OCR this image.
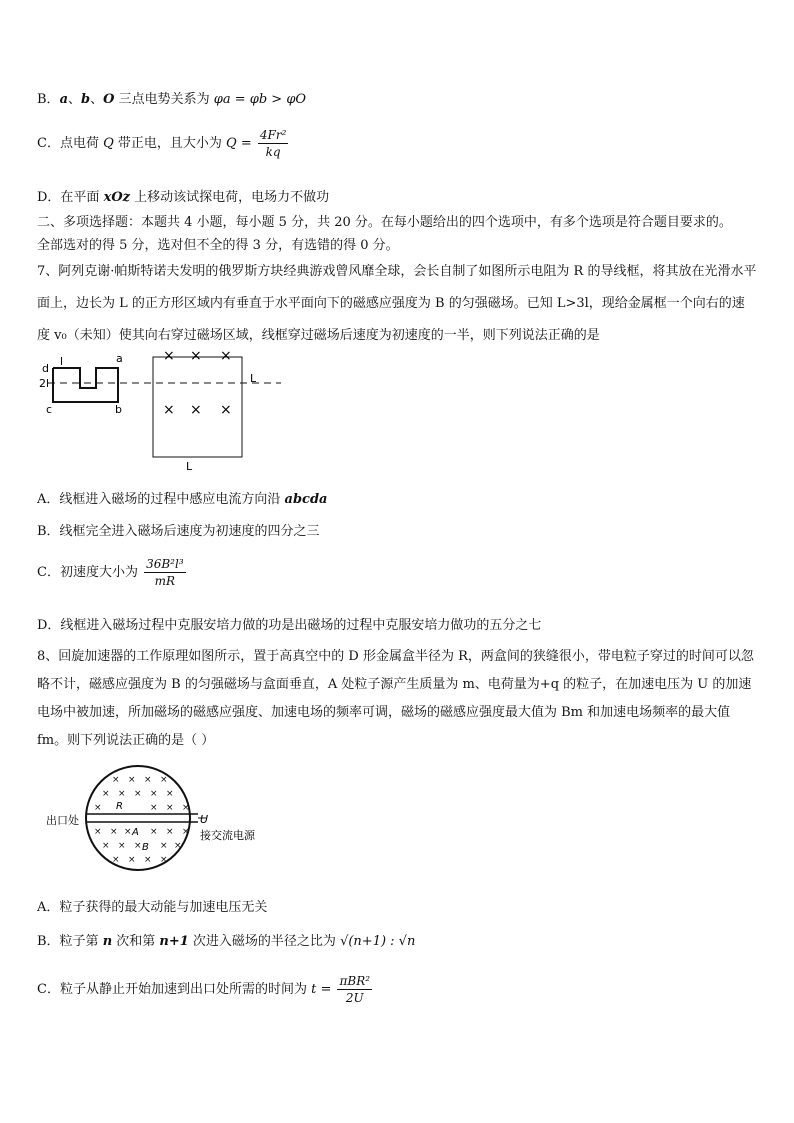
B．a、b、O 三点电势关系为 φa = φb > φO
C．点电荷 Q 带正电，且大小为 $Q = \frac{\text{4Fr²}}{kq}$
D．在平面 xOz 上移动该试探电荷，电场力不做功
二、多项选择题：本题共 4 小题，每小题 5 分，共 20 分。在每小题给出的四个选项中，有多个选项是符合题目要求的。
全部选对的得 5 分，选对但不全的得 3 分，有选错的得 0 分。
7、阿列克谢·帕斯特诺夫发明的俄罗斯方块经典游戏曾风靡全球，会长自制了如图所示电阻为 R 的导线框，将其放在光滑水平面上，边长为 L 的正方形区域内有垂直于水平面向下的磁感应强度为 B 的匀强磁场。已知 L>3l，现给金属框一个向右的速度 v₀（未知）使其向右穿过磁场区域，线框穿过磁场后速度为初速度的一半，则下列说法正确的是
d
l	a
2l
c	b
L
L
× × ×
× × ×
A．线框进入磁场的过程中感应电流方向沿 abcda
B．线框完全进入磁场后速度为初速度的四分之三
C．初速度大小为 $\frac{\text{36B²l³}}{mR}$
D．线框进入磁场过程中克服安培力做的功是出磁场的过程中克服安培力做功的五分之七
8、回旋加速器的工作原理如图所示，置于高真空中的 D 形金属盒半径为 R，两盒间的狭缝很小，带电粒子穿过的时间可以忽略不计，磁感应强度为 B 的匀强磁场与盒面垂直，A 处粒子源产生质量为 m、电荷量为+q 的粒子，在加速电压为 U 的加速电场中被加速，所加磁场的磁感应强度、加速电场的频率可调，磁场的磁感应强度最大值为 Bm 和加速电场频率的最大值 fm。则下列说法正确的是（ ）
出口处	U
接交流电源
R
A
B
× × × ×
× × × × ×
×	× × ×
× × × × × ×
× × × × ×
× × × ×
A．粒子获得的最大动能与加速电压无关
B．粒子第 n 次和第 n+1 次进入磁场的半径之比为 √(n+1) : √n
C．粒子从静止开始加速到出口处所需的时间为 $t = \frac{\text{πBR²}}{2U}$
